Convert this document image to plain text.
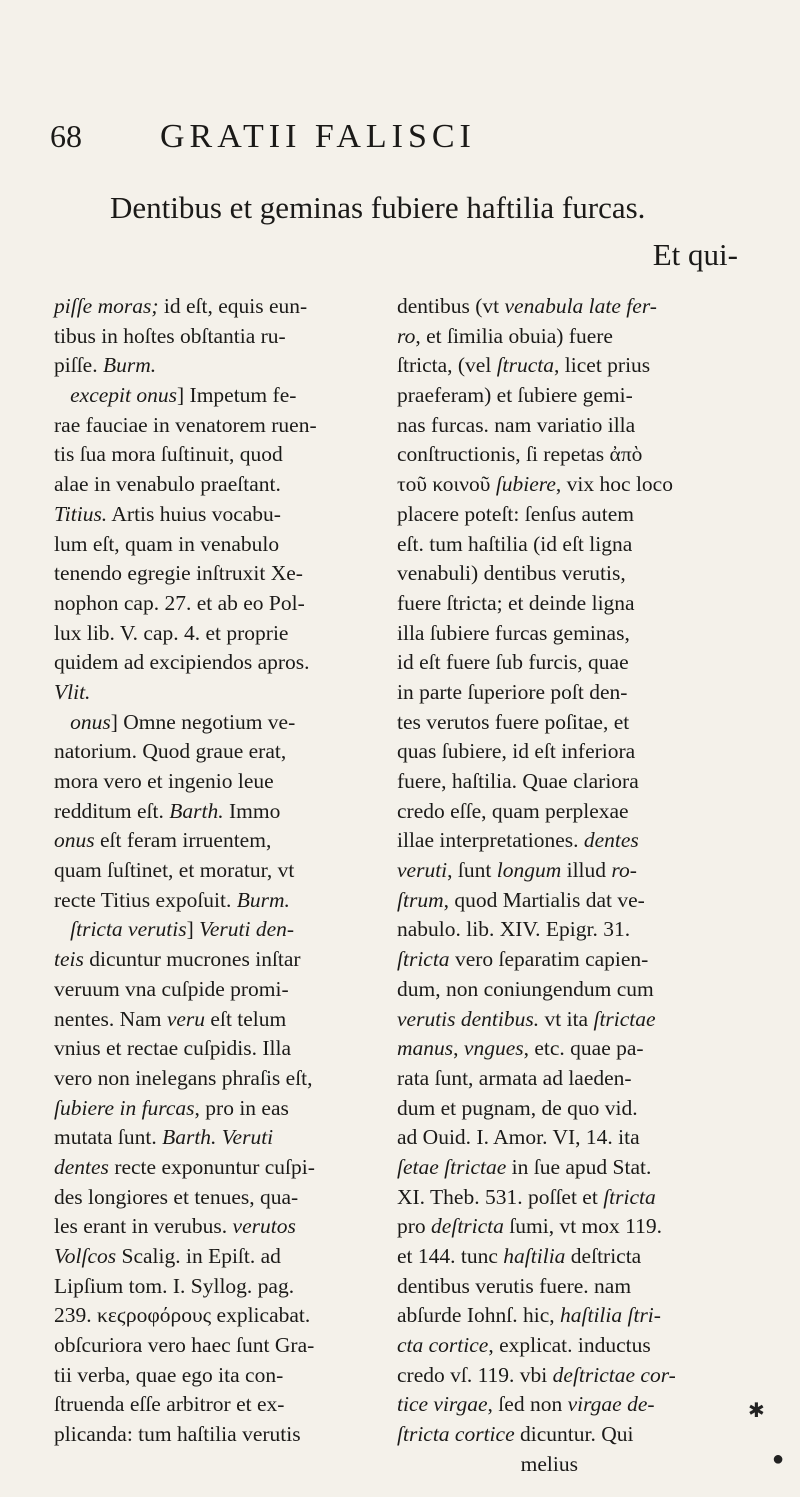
68 GRATII FALISCI
Dentibus et geminas fubiere haftilia furcas.
Et qui-
piſſe moras; id eſt, equis eun-
tibus in hoſtes obſtantia ru-
piſſe. Burm.
excepit onus] Impetum fe-
rae fauciae in venatorem ruen-
tis ſua mora ſuſtinuit, quod
alae in venabulo praeſtant.
Titius. Artis huius vocabu-
lum eſt, quam in venabulo
tenendo egregie inſtruxit Xe-
nophon cap. 27. et ab eo Pol-
lux lib. V. cap. 4. et proprie
quidem ad excipiendos apros.
Vlit.
onus] Omne negotium ve-
natorium. Quod graue erat,
mora vero et ingenio leue
redditum eſt. Barth. Immo
onus eſt feram irruentem,
quam ſuſtinet, et moratur, vt
recte Titius expoſuit. Burm.
ſtricta verutis] Veruti den-
teis dicuntur mucrones inſtar
veruum vna cuſpide promi-
nentes. Nam veru eſt telum
vnius et rectae cuſpidis. Illa
vero non inelegans phraſis eſt,
ſubiere in furcas, pro in eas
mutata ſunt. Barth. Veruti
dentes recte exponuntur cuſpi-
des longiores et tenues, qua-
les erant in verubus. verutos
Volſcos Scalig. in Epiſt. ad
Lipſium tom. I. Syllog. pag.
239. κεϛροφόρους explicabat.
obſcuriora vero haec ſunt Gra-
tii verba, quae ego ita con-
ſtruenda eſſe arbitror et ex-
plicanda: tum haſtilia verutis
dentibus (vt venabula late fer-
ro, et ſimilia obuia) fuere
ſtricta, (vel ſtructa, licet prius
praeferam) et ſubiere gemi-
nas furcas. nam variatio illa
conſtructionis, ſi repetas ἀπὸ
τοῦ κοινοῦ ſubiere, vix hoc loco
placere poteſt: ſenſus autem
eſt. tum haſtilia (id eſt ligna
venabuli) dentibus verutis,
fuere ſtricta; et deinde ligna
illa ſubiere furcas geminas,
id eſt fuere ſub furcis, quae
in parte ſuperiore poſt den-
tes verutos fuere poſitae, et
quas ſubiere, id eſt inferiora
fuere, haſtilia. Quae clariora
credo eſſe, quam perplexae
illae interpretationes. dentes
veruti, ſunt longum illud ro-
ſtrum, quod Martialis dat ve-
nabulo. lib. XIV. Epigr. 31.
ſtricta vero ſeparatim capien-
dum, non coniungendum cum
verutis dentibus. vt ita ſtrictae
manus, vngues, etc. quae pa-
rata ſunt, armata ad laeden-
dum et pugnam, de quo vid.
ad Ouid. I. Amor. VI, 14. ita
ſetae ſtrictae in ſue apud Stat.
XI. Theb. 531. poſſet et ſtricta
pro deſtricta ſumi, vt mox 119.
et 144. tunc haſtilia deſtricta
dentibus verutis fuere. nam
abſurde Iohnſ. hic, haſtilia ſtri-
cta cortice, explicat. inductus
credo vſ. 119. vbi deſtrictae cor-
tice virgae, ſed non virgae de-
ſtricta cortice dicuntur. Qui
melius
✱
●
